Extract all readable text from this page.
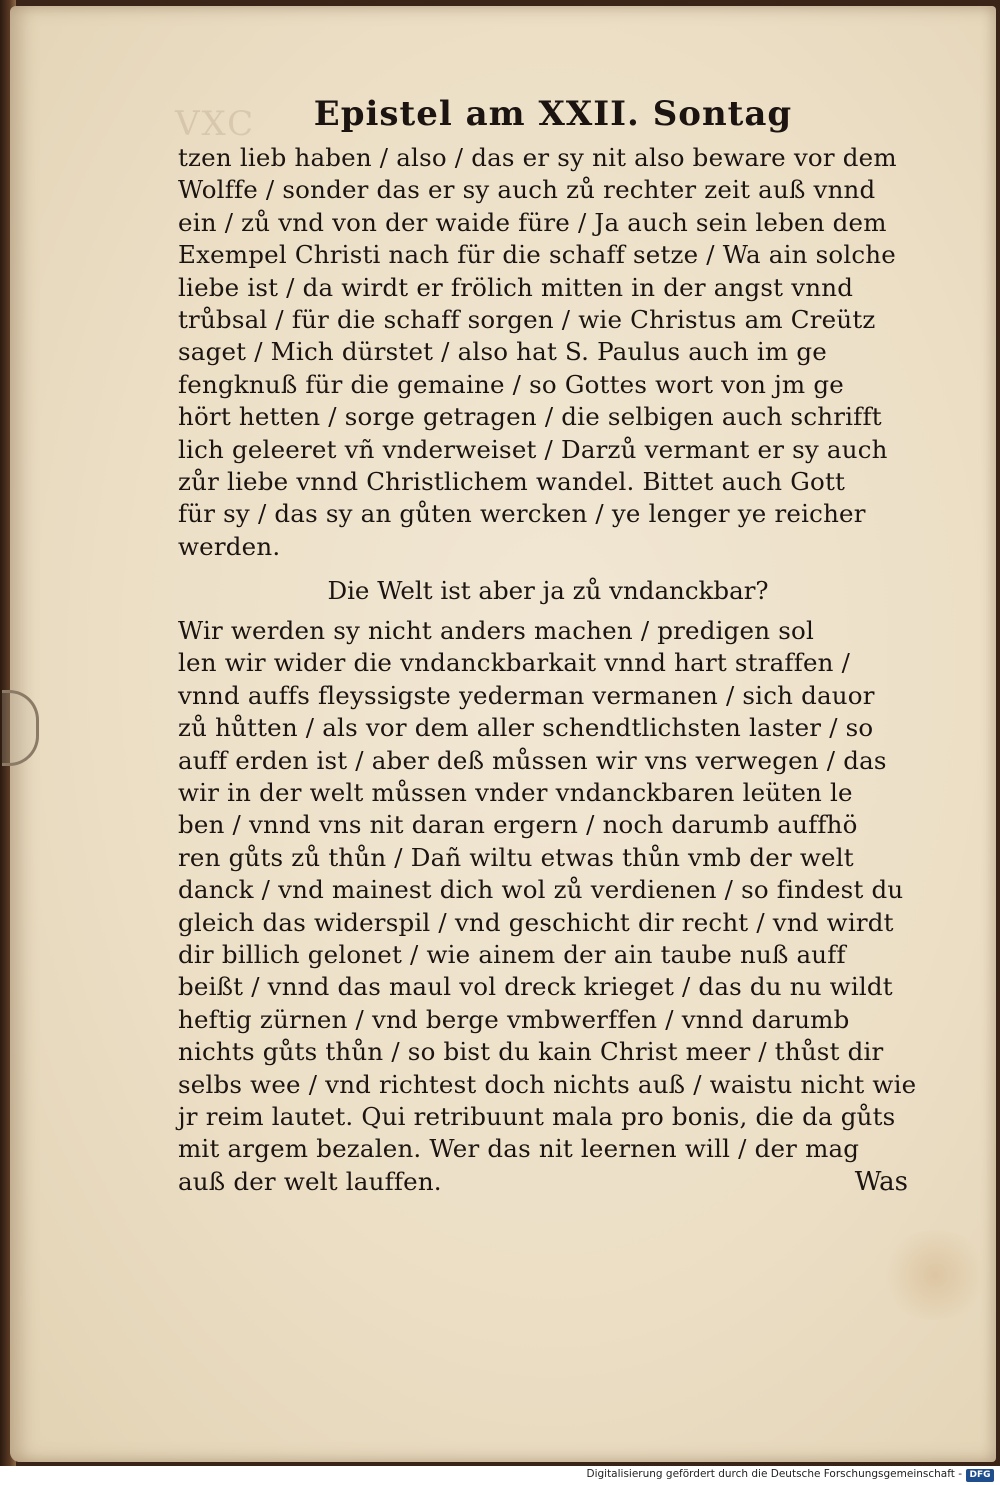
VXC	Epistel am XXII. Sontag
tzen lieb haben / also / das er sy nit also beware vor dem
Wolffe / sonder das er sy auch zů rechter zeit auß vnnd
ein / zů vnd von der waide füre / Ja auch sein leben dem
Exempel Christi nach für die schaff setze / Wa ain solche
liebe ist / da wirdt er frölich mitten in der angst vnnd
trůbsal / für die schaff sorgen / wie Christus am Creütz
saget / Mich dürstet / also hat S. Paulus auch im ge
fengknuß für die gemaine / so Gottes wort von jm ge
hört hetten / sorge getragen / die selbigen auch schrifft
lich geleeret vñ vnderweiset / Darzů vermant er sy auch
zůr liebe vnnd Christlichem wandel. Bittet auch Gott
für sy / das sy an gůten wercken / ye lenger ye reicher
werden.
Die Welt ist aber ja zů vndanckbar?
Wir werden sy nicht anders machen / predigen sol
len wir wider die vndanckbarkait vnnd hart straffen /
vnnd auffs fleyssigste yederman vermanen / sich dauor
zů hůtten / als vor dem aller schendtlichsten laster / so
auff erden ist / aber deß můssen wir vns verwegen / das
wir in der welt můssen vnder vndanckbaren leüten le
ben / vnnd vns nit daran ergern / noch darumb auffhö
ren gůts zů thůn / Dañ wiltu etwas thůn vmb der welt
danck / vnd mainest dich wol zů verdienen / so findest du
gleich das widerspil / vnd geschicht dir recht / vnd wirdt
dir billich gelonet / wie ainem der ain taube nuß auff
beißt / vnnd das maul vol dreck krieget / das du nu wildt
heftig zürnen / vnd berge vmbwerffen / vnnd darumb
nichts gůts thůn / so bist du kain Christ meer / thůst dir
selbs wee / vnd richtest doch nichts auß / waistu nicht wie
jr reim lautet. Qui retribuunt mala pro bonis, die da gůts
mit argem bezalen. Wer das nit leernen will / der mag
auß der welt lauffen.	Was
Digitalisierung gefördert durch die Deutsche Forschungsgemeinschaft - DFG
